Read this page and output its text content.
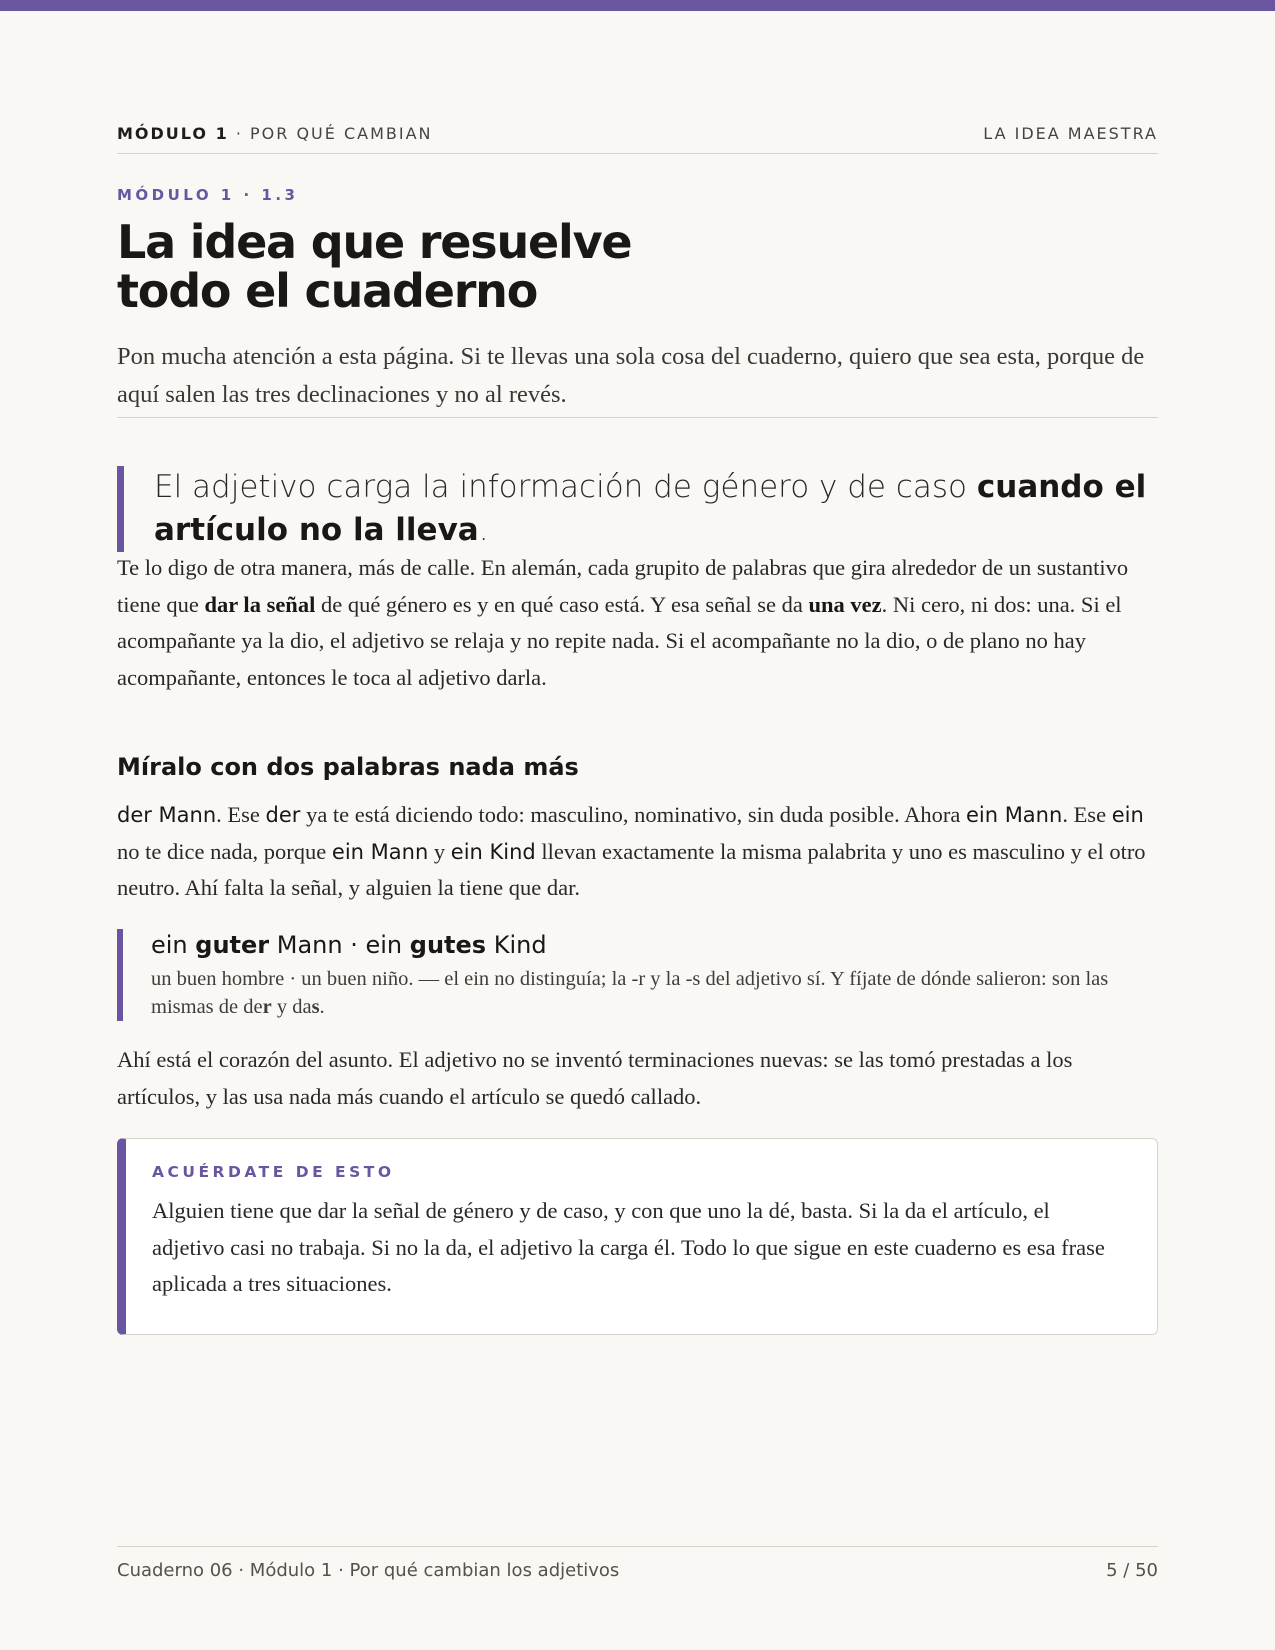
MÓDULO 1 · POR QUÉ CAMBIAN	LA IDEA MAESTRA
MÓDULO 1 · 1.3
La idea que resuelve
todo el cuaderno

Pon mucha atención a esta página. Si te llevas una sola cosa del cuaderno, quiero que sea esta, porque de aquí salen las tres declinaciones y no al revés.

El adjetivo carga la información de género y de caso cuando el artículo no la lleva.

Te lo digo de otra manera, más de calle. En alemán, cada grupito de palabras que gira alrededor de un sustantivo tiene que dar la señal de qué género es y en qué caso está. Y esa señal se da una vez. Ni cero, ni dos: una. Si el acompañante ya la dio, el adjetivo se relaja y no repite nada. Si el acompañante no la dio, o de plano no hay acompañante, entonces le toca al adjetivo darla.

Míralo con dos palabras nada más

der Mann. Ese der ya te está diciendo todo: masculino, nominativo, sin duda posible. Ahora ein Mann. Ese ein no te dice nada, porque ein Mann y ein Kind llevan exactamente la misma palabrita y uno es masculino y el otro neutro. Ahí falta la señal, y alguien la tiene que dar.

ein guter Mann · ein gutes Kind
un buen hombre · un buen niño. — el ein no distinguía; la -r y la -s del adjetivo sí. Y fíjate de dónde salieron: son las mismas de der y das.

Ahí está el corazón del asunto. El adjetivo no se inventó terminaciones nuevas: se las tomó prestadas a los artículos, y las usa nada más cuando el artículo se quedó callado.

ACUÉRDATE DE ESTO
Alguien tiene que dar la señal de género y de caso, y con que uno la dé, basta. Si la da el artículo, el adjetivo casi no trabaja. Si no la da, el adjetivo la carga él. Todo lo que sigue en este cuaderno es esa frase aplicada a tres situaciones.
Cuaderno 06 · Módulo 1 · Por qué cambian los adjetivos	5 / 50
